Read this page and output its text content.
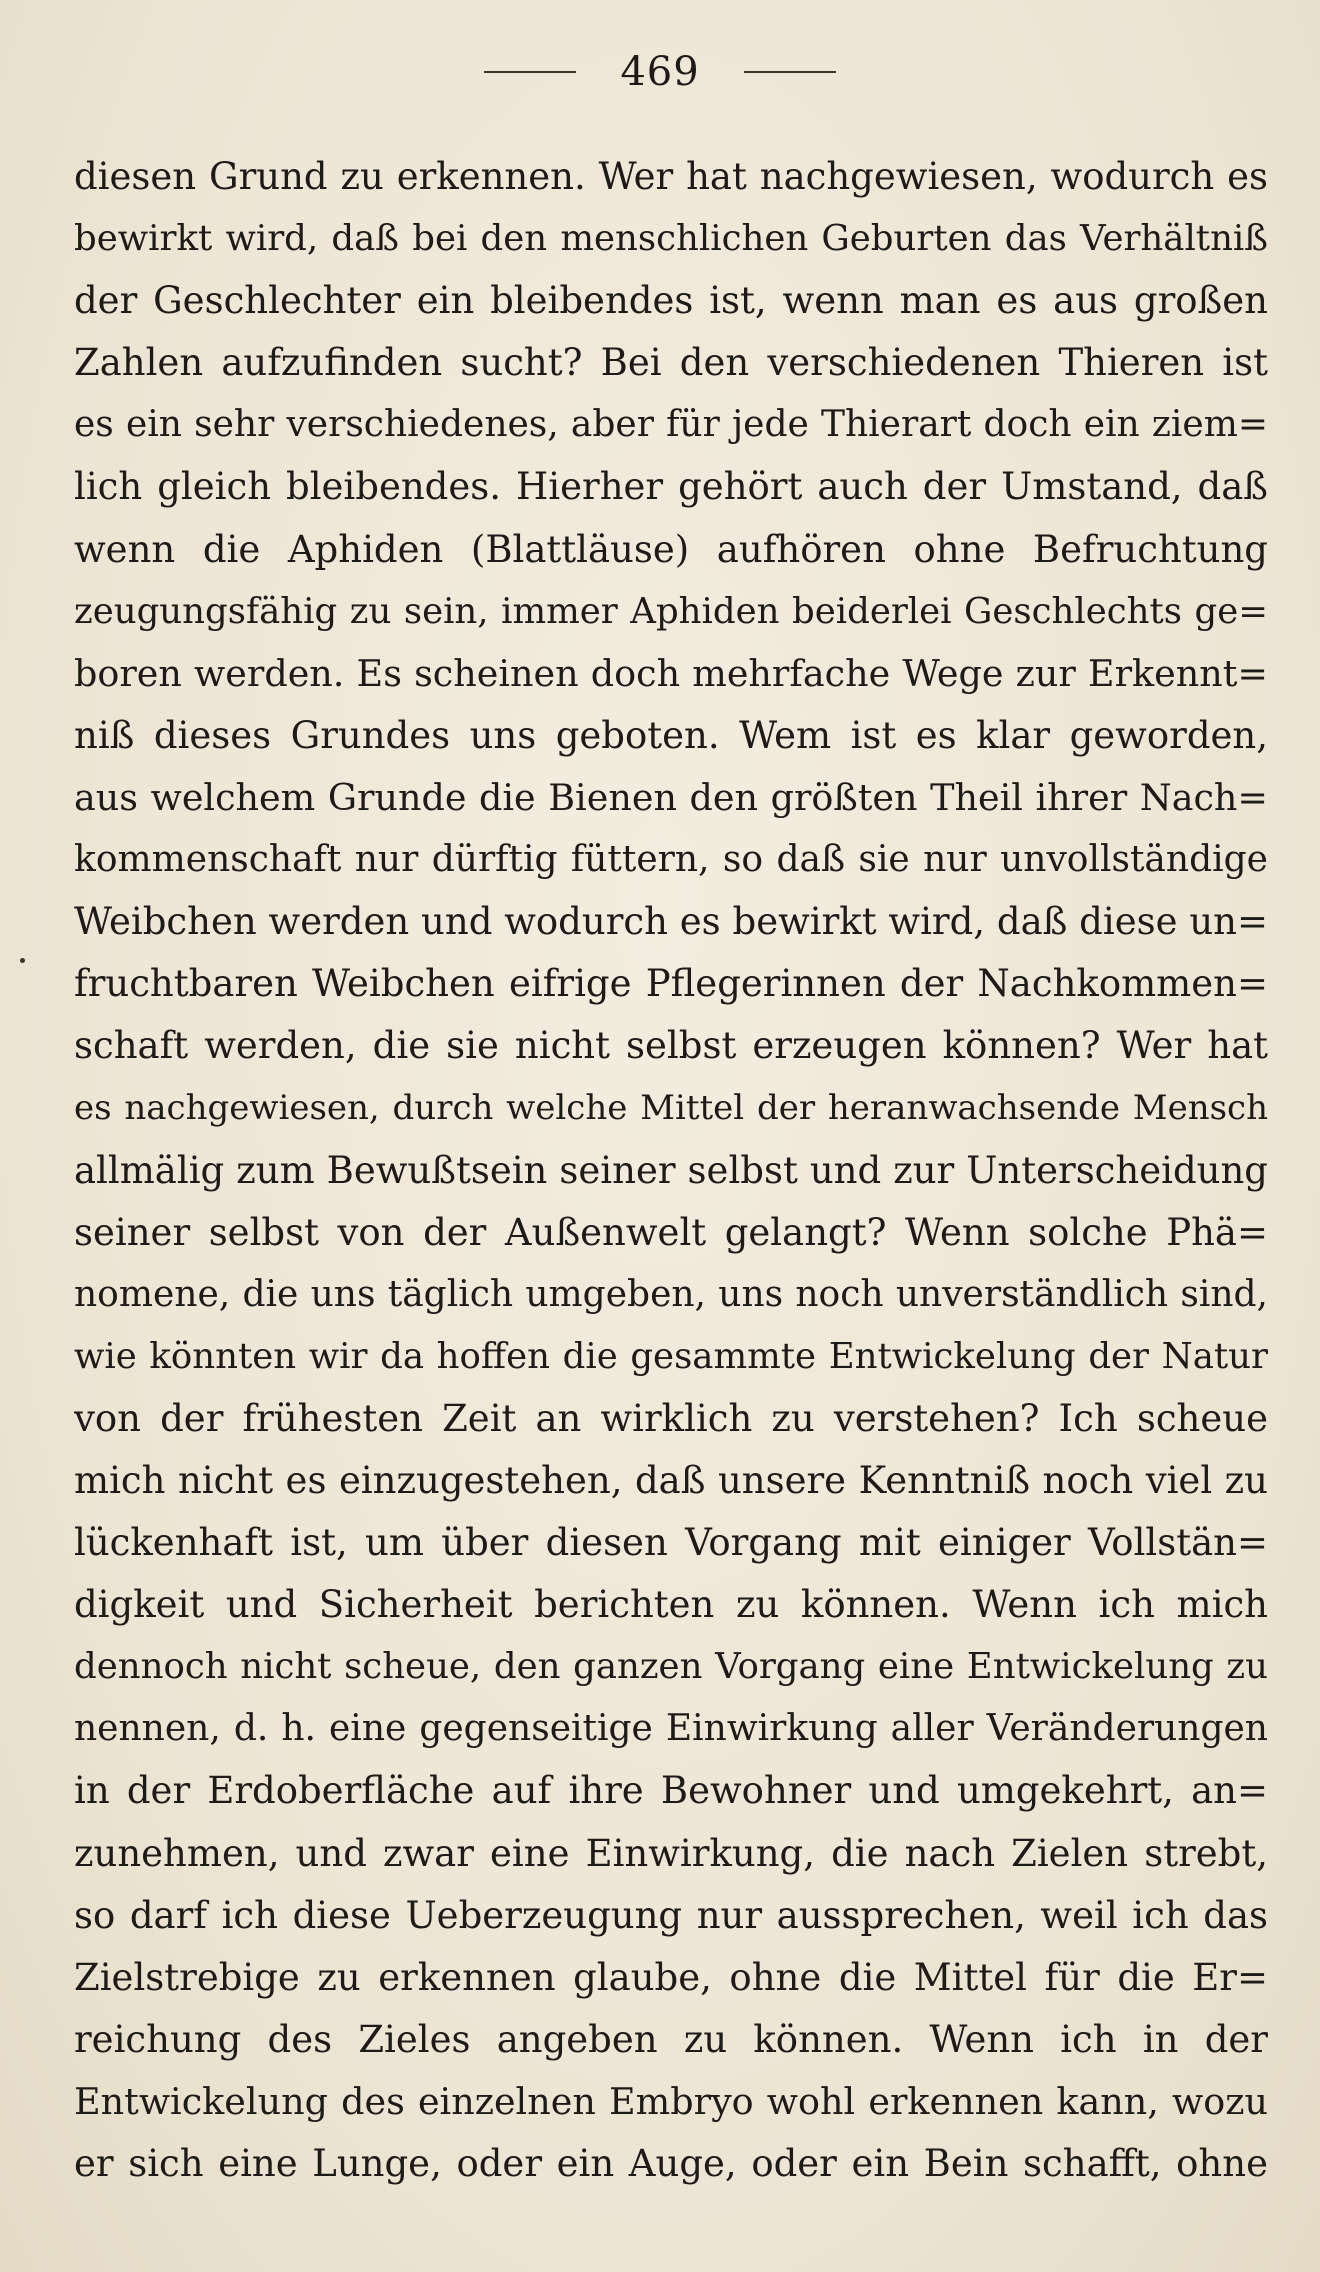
469
diesen Grund zu erkennen. Wer hat nachgewiesen, wodurch es
bewirkt wird, daß bei den menschlichen Geburten das Verhältniß
der Geschlechter ein bleibendes ist, wenn man es aus großen
Zahlen aufzufinden sucht? Bei den verschiedenen Thieren ist
es ein sehr verschiedenes, aber für jede Thierart doch ein ziem=
lich gleich bleibendes. Hierher gehört auch der Umstand, daß
wenn die Aphiden (Blattläuse) aufhören ohne Befruchtung
zeugungsfähig zu sein, immer Aphiden beiderlei Geschlechts ge=
boren werden. Es scheinen doch mehrfache Wege zur Erkennt=
niß dieses Grundes uns geboten. Wem ist es klar geworden,
aus welchem Grunde die Bienen den größten Theil ihrer Nach=
kommenschaft nur dürftig füttern, so daß sie nur unvollständige
Weibchen werden und wodurch es bewirkt wird, daß diese un=
fruchtbaren Weibchen eifrige Pflegerinnen der Nachkommen=
schaft werden, die sie nicht selbst erzeugen können? Wer hat
es nachgewiesen, durch welche Mittel der heranwachsende Mensch
allmälig zum Bewußtsein seiner selbst und zur Unterscheidung
seiner selbst von der Außenwelt gelangt? Wenn solche Phä=
nomene, die uns täglich umgeben, uns noch unverständlich sind,
wie könnten wir da hoffen die gesammte Entwickelung der Natur
von der frühesten Zeit an wirklich zu verstehen? Ich scheue
mich nicht es einzugestehen, daß unsere Kenntniß noch viel zu
lückenhaft ist, um über diesen Vorgang mit einiger Vollstän=
digkeit und Sicherheit berichten zu können. Wenn ich mich
dennoch nicht scheue, den ganzen Vorgang eine Entwickelung zu
nennen, d. h. eine gegenseitige Einwirkung aller Veränderungen
in der Erdoberfläche auf ihre Bewohner und umgekehrt, an=
zunehmen, und zwar eine Einwirkung, die nach Zielen strebt,
so darf ich diese Ueberzeugung nur aussprechen, weil ich das
Zielstrebige zu erkennen glaube, ohne die Mittel für die Er=
reichung des Zieles angeben zu können. Wenn ich in der
Entwickelung des einzelnen Embryo wohl erkennen kann, wozu
er sich eine Lunge, oder ein Auge, oder ein Bein schafft, ohne
